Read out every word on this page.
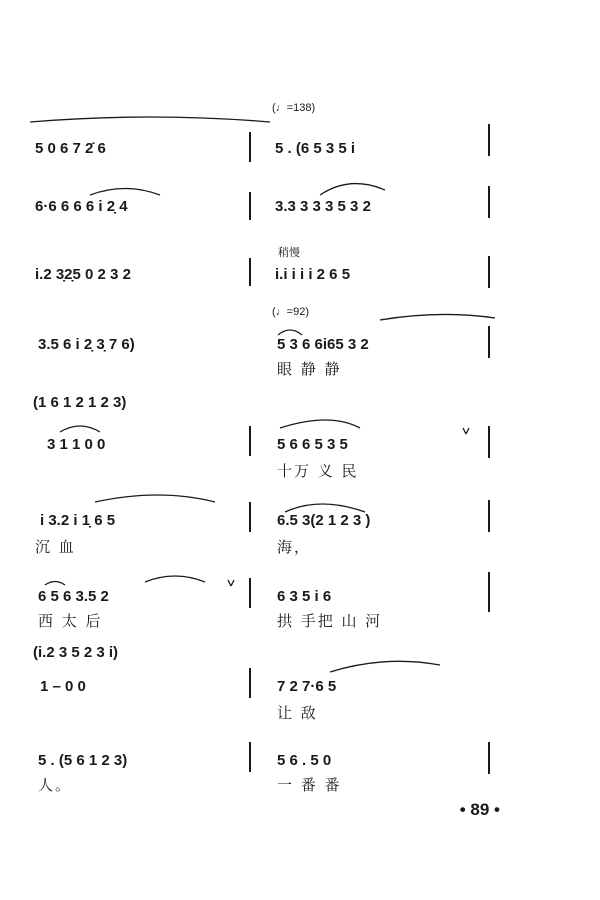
(♩=138)
(♩=92)
稍慢
5 0 6 7 2̇ 6
6·6 6 6 6 i 2̣ 4
i.2 3̣2̣5 0 2 3 2
3.5 6 i 2̣ 3̣ 7 6)
(1 6 1 2 1 2 3)
3 1 1 0 0
i 3.2 i 1̣ 6 5
沉 血
6 5 6 3.5 2
西 太 后
(i.2 3 5 2 3 i)
1 – 0 0
5 . (5 6 1 2 3)
人。
5 . (6 5 3 5 i
3.3 3 3 3 5 3 2
i.i i i i 2 6 5
5 3 6 6i65 3 2
眼 静 静
5 6 6 5 3 5
十万 义 民
6.5 3(2 1 2 3 )
海，
6 3 5 i 6
拱 手把 山 河
7 2 7·6 5
让 敌
5 6 . 5 0
一 番 番
• 89 •
